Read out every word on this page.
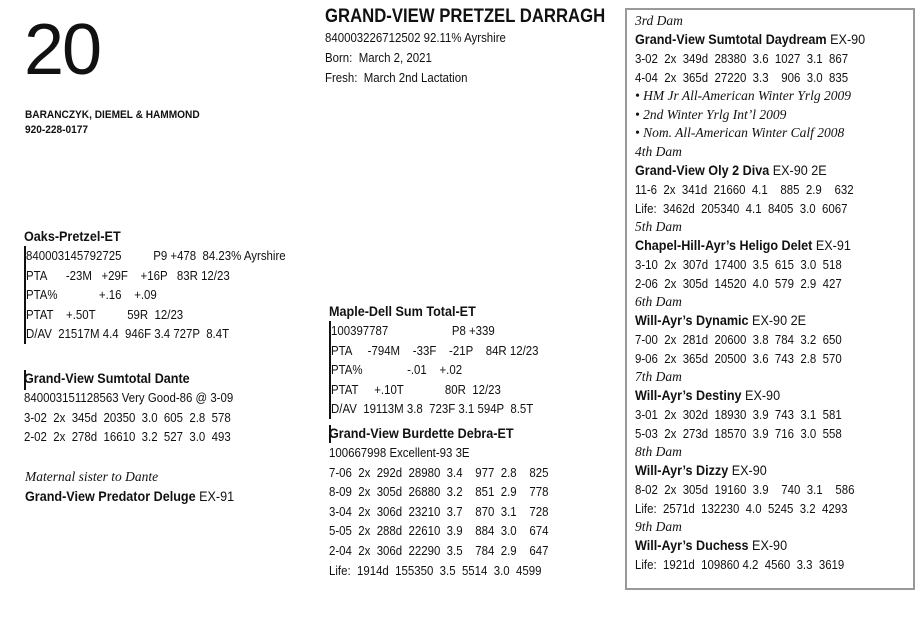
20
BARANCZYK, DIEMEL & HAMMOND
920-228-0177
GRAND-VIEW PRETZEL DARRAGH
840003226712502 92.11% Ayrshire
Born:  March 2, 2021
Fresh:  March 2nd Lactation
Oaks-Pretzel-ET
840003145792725          P9 +478  84.23% Ayrshire
PTA      -23M   +29F    +16P   83R 12/23
PTA%             +.16    +.09
PTAT    +.50T          59R  12/23
D/AV  21517M 4.4  946F 3.4 727P  8.4T
Grand-View Sumtotal Dante
840003151128563 Very Good-86 @ 3-09
3-02  2x  345d  20350  3.0  605  2.8  578
2-02  2x  278d  16610  3.2  527  3.0  493
Maternal sister to Dante
Grand-View Predator Deluge EX-91
Maple-Dell Sum Total-ET
100397787                    P8 +339
PTA     -794M    -33F    -21P    84R 12/23
PTA%              -.01    +.02
PTAT     +.10T             80R  12/23
D/AV  19113M 3.8  723F 3.1 594P  8.5T
Grand-View Burdette Debra-ET
100667998 Excellent-93 3E
7-06  2x  292d  28980  3.4    977  2.8    825
8-09  2x  305d  26880  3.2    851  2.9    778
3-04  2x  306d  23210  3.7    870  3.1    728
5-05  2x  288d  22610  3.9    884  3.0    674
2-04  2x  306d  22290  3.5    784  2.9    647
Life:  1914d  155350  3.5  5514  3.0  4599
3rd Dam
Grand-View Sumtotal Daydream EX-90
3-02  2x  349d  28380  3.6  1027  3.1  867
4-04  2x  365d  27220  3.3    906  3.0  835
• HM Jr All-American Winter Yrlg 2009
• 2nd Winter Yrlg Int’l 2009
• Nom. All-American Winter Calf 2008
4th Dam
Grand-View Oly 2 Diva EX-90 2E
11-6  2x  341d  21660  4.1    885  2.9    632
Life:  3462d  205340  4.1  8405  3.0  6067
5th Dam
Chapel-Hill-Ayr’s Heligo Delet EX-91
3-10  2x  307d  17400  3.5  615  3.0  518
2-06  2x  305d  14520  4.0  579  2.9  427
6th Dam
Will-Ayr’s Dynamic EX-90 2E
7-00  2x  281d  20600  3.8  784  3.2  650
9-06  2x  365d  20500  3.6  743  2.8  570
7th Dam
Will-Ayr’s Destiny EX-90
3-01  2x  302d  18930  3.9  743  3.1  581
5-03  2x  273d  18570  3.9  716  3.0  558
8th Dam
Will-Ayr’s Dizzy EX-90
8-02  2x  305d  19160  3.9    740  3.1    586
Life:  2571d  132230  4.0  5245  3.2  4293
9th Dam
Will-Ayr’s Duchess EX-90
Life:  1921d  109860 4.2  4560  3.3  3619
